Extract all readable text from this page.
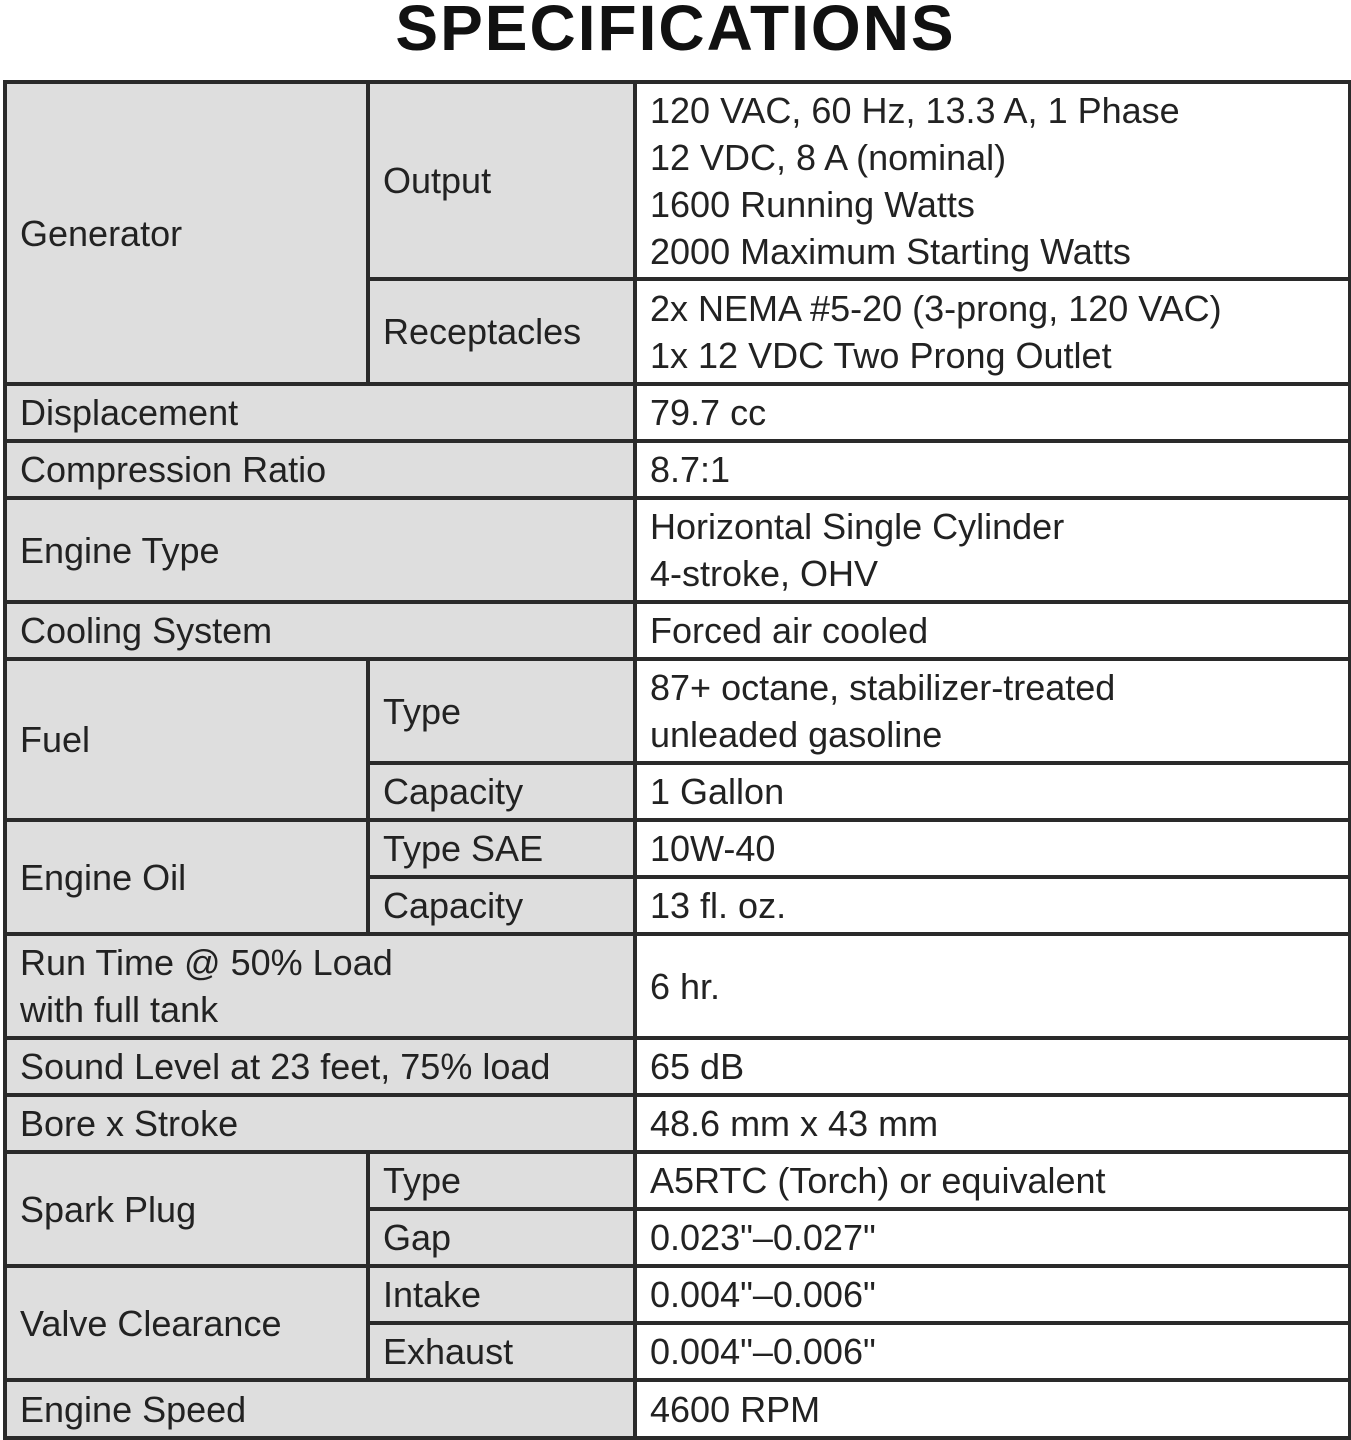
SPECIFICATIONS
Generator	Output	120 VAC, 60 Hz, 13.3 A, 1 Phase
12 VDC, 8 A (nominal)
1600 Running Watts
2000 Maximum Starting Watts

	Receptacles	2x NEMA #5-20 (3-prong, 120 VAC)
1x 12 VDC Two Prong Outlet

Displacement		79.7 cc
Compression Ratio		8.7:1
Engine Type		Horizontal Single Cylinder
4-stroke, OHV

Cooling System		Forced air cooled
Fuel	Type	87+ octane, stabilizer-treated
unleaded gasoline

	Capacity	1 Gallon
Engine Oil	Type SAE	10W-40
	Capacity	13 fl. oz.

Run Time @ 50% Load
with full tank		6 hr.
Sound Level at 23 feet, 75% load		65 dB
Bore x Stroke		48.6 mm x 43 mm
Spark Plug	Type	A5RTC (Torch) or equivalent
	Gap	0.023"–0.027"
Valve Clearance	Intake	0.004"–0.006"
	Exhaust	0.004"–0.006"
Engine Speed		4600 RPM
